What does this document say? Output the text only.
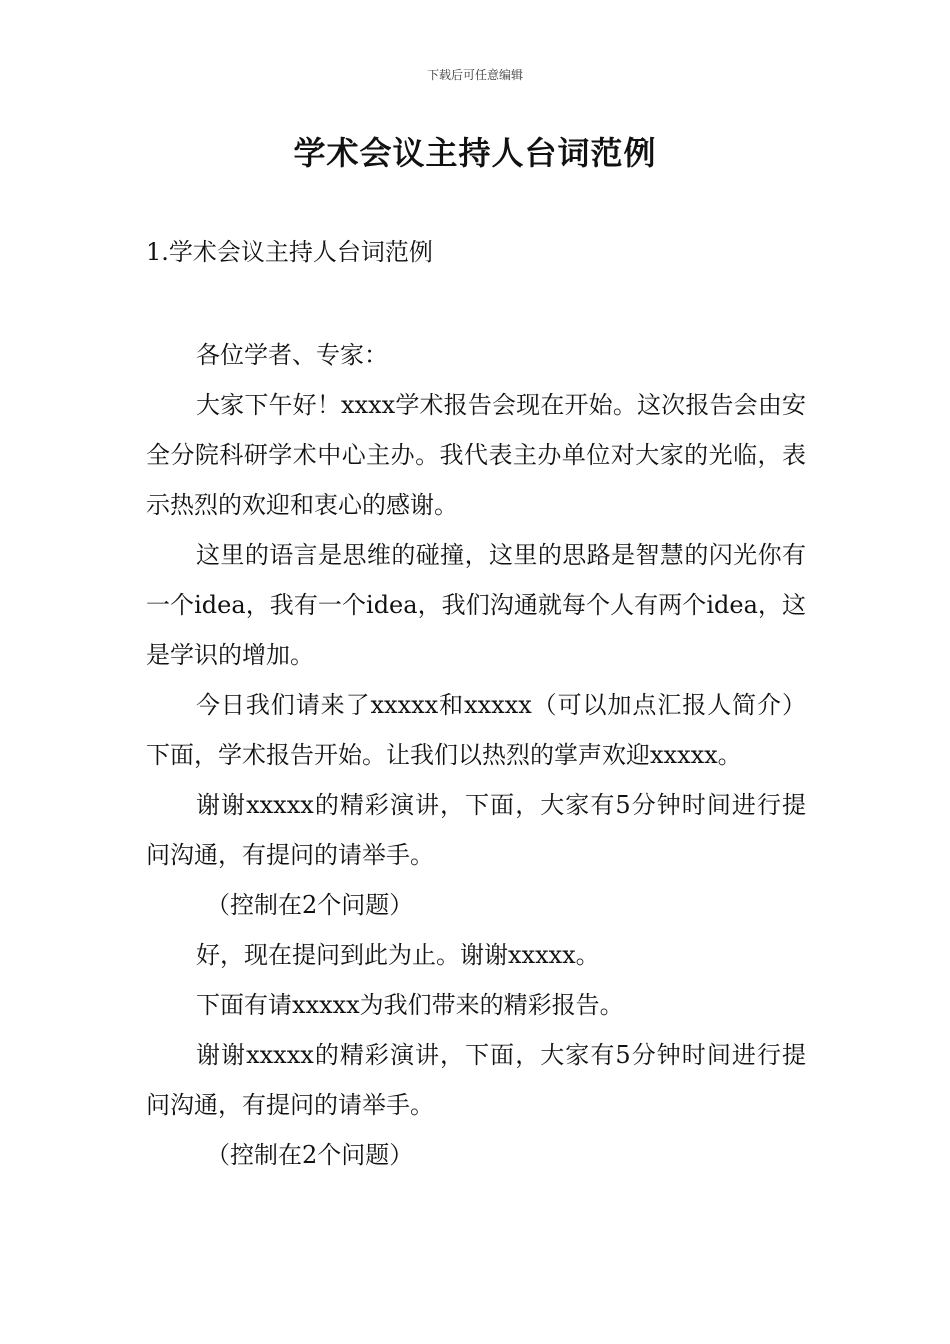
下载后可任意编辑
学术会议主持人台词范例
1.学术会议主持人台词范例

各位学者、专家：

大家下午好！xxxx学术报告会现在开始。这次报告会由安全分院科研学术中心主办。我代表主办单位对大家的光临，表示热烈的欢迎和衷心的感谢。

这里的语言是思维的碰撞，这里的思路是智慧的闪光你有一个idea，我有一个idea，我们沟通就每个人有两个idea，这是学识的增加。

今日我们请来了xxxxx和xxxxx（可以加点汇报人简介）下面，学术报告开始。让我们以热烈的掌声欢迎xxxxx。

谢谢xxxxx的精彩演讲，下面，大家有5分钟时间进行提问沟通，有提问的请举手。

（控制在2个问题）

好，现在提问到此为止。谢谢xxxxx。

下面有请xxxxx为我们带来的精彩报告。

谢谢xxxxx的精彩演讲，下面，大家有5分钟时间进行提问沟通，有提问的请举手。

（控制在2个问题）
